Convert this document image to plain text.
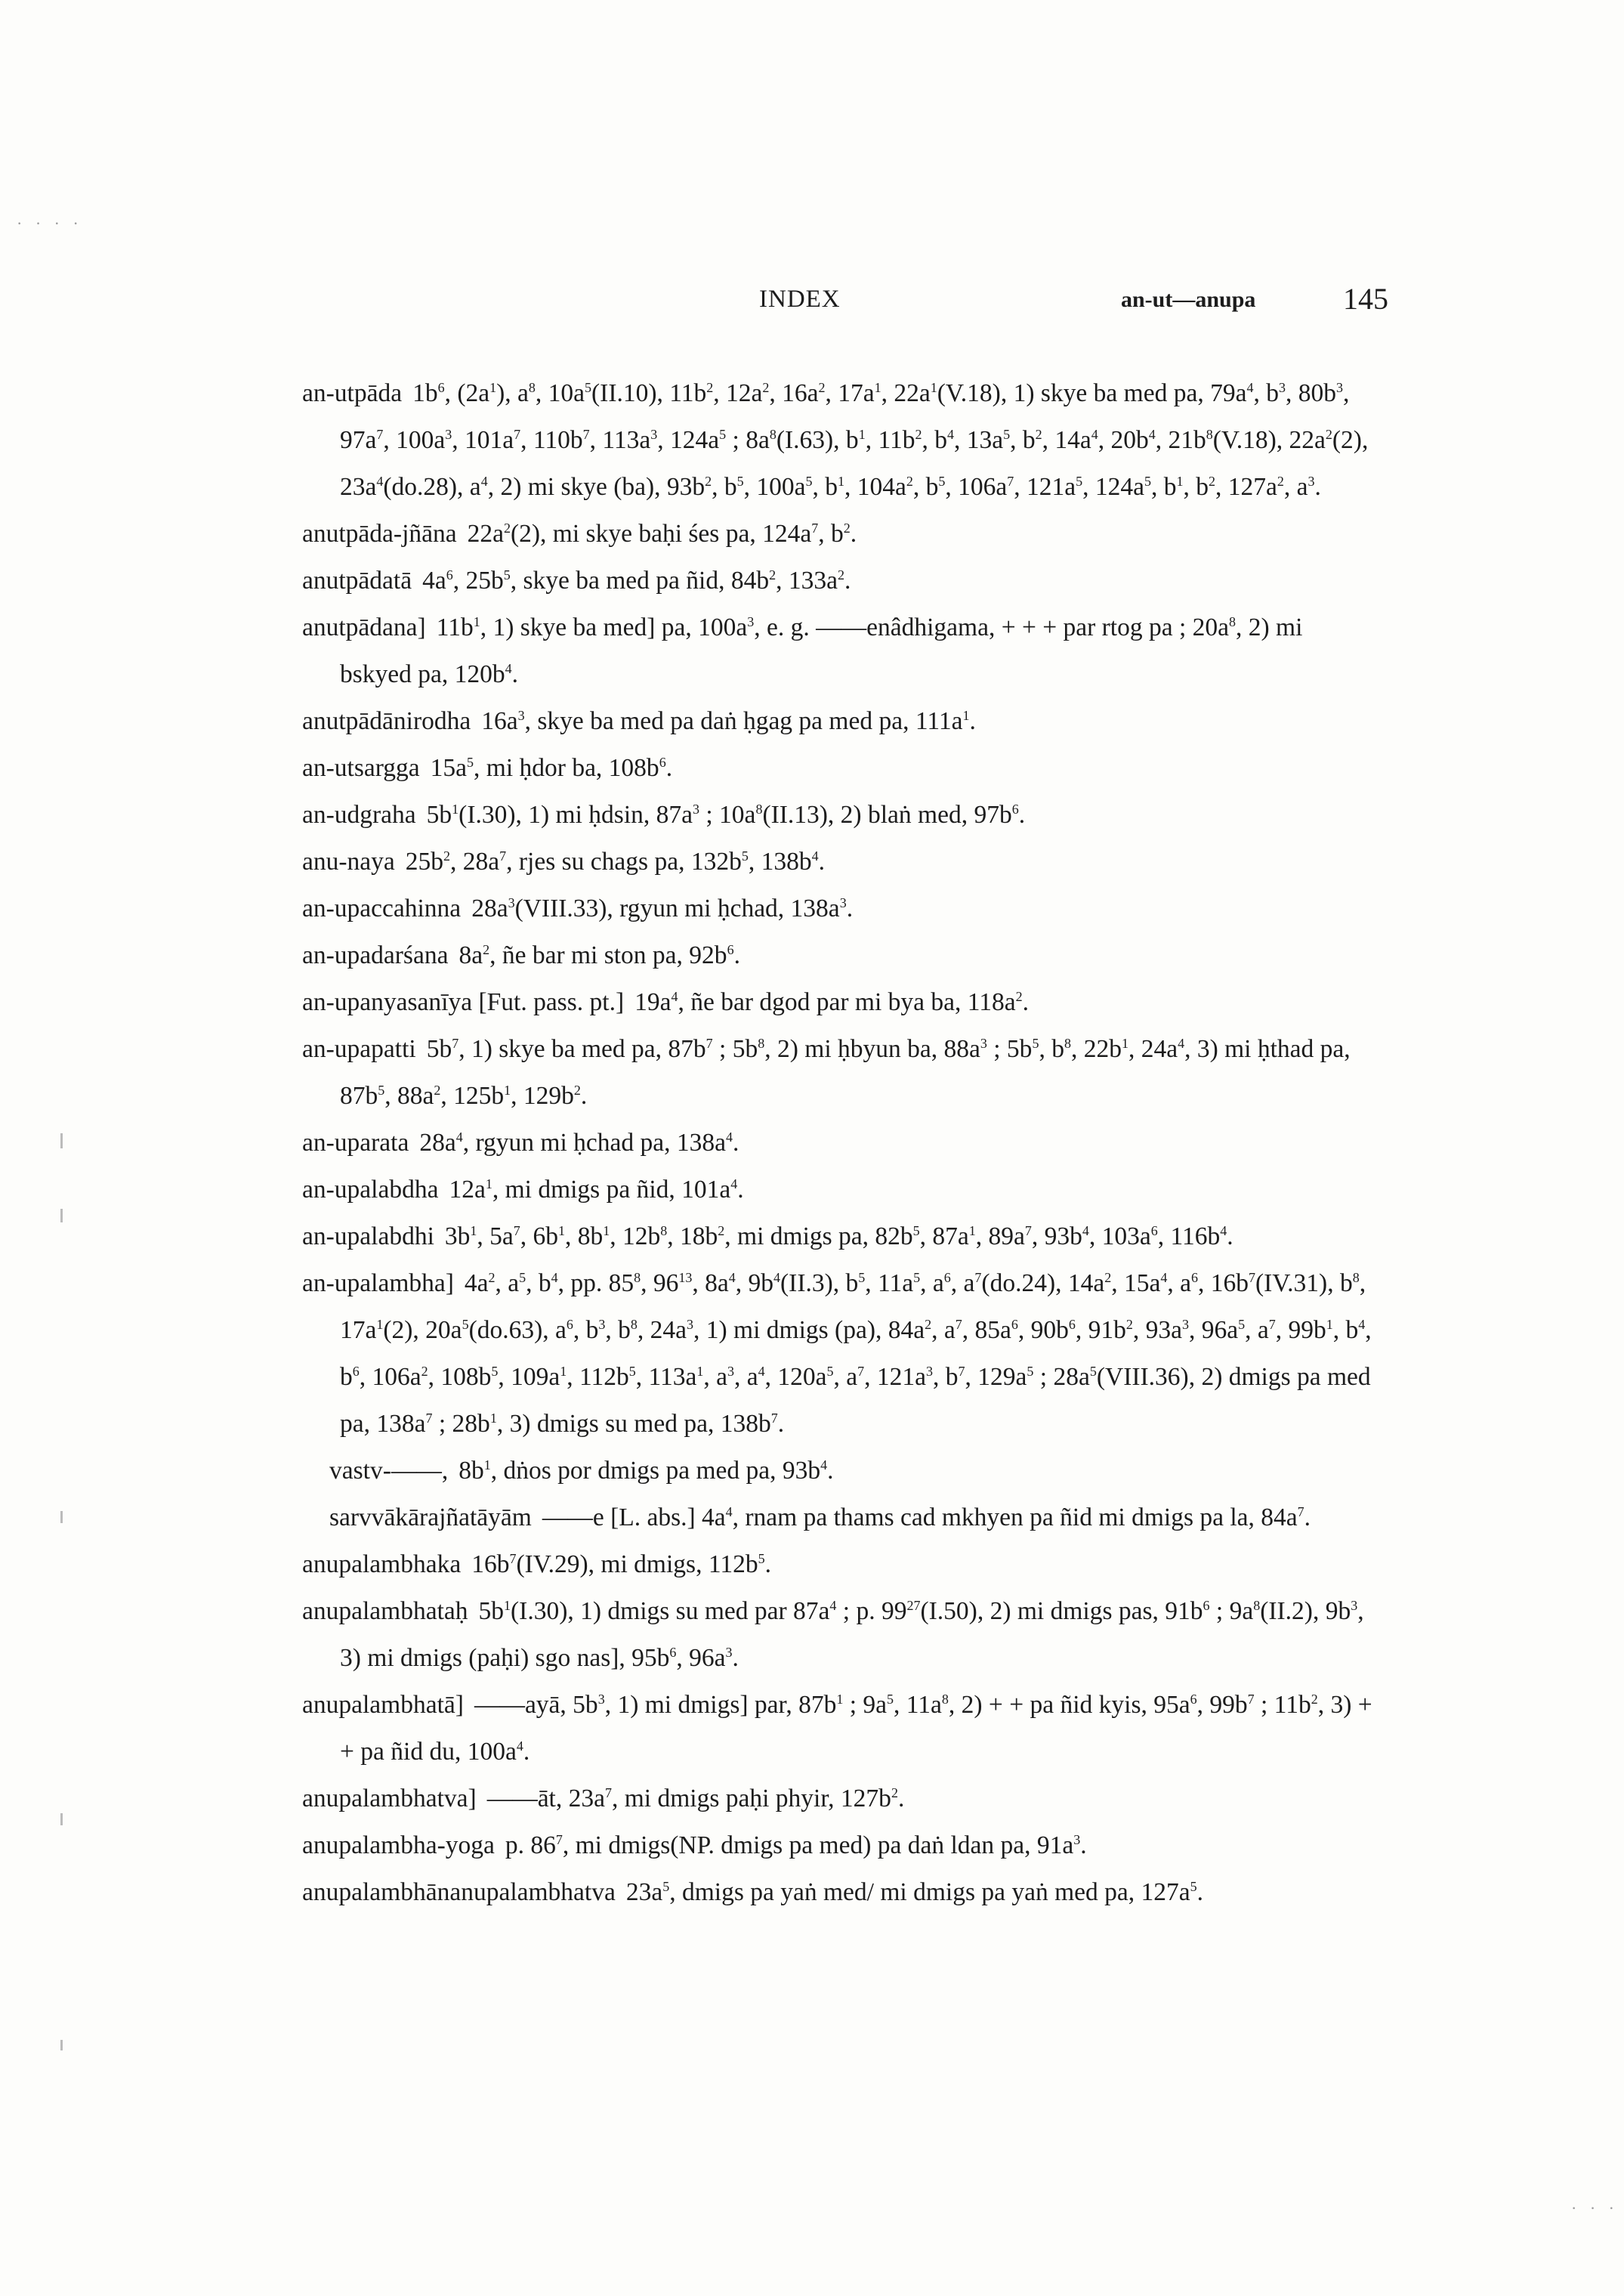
· · · ·
INDEX	an-ut—anupa	145

an-utpāda $1b^6$, $(2a^1)$, $a^8$, $10a^5(II.10)$, $11b^2$, $12a^2$, $16a^2$, $17a^1$, $22a^1(V.18)$, 1) skye ba med pa, $79a^4$, $b^3$, $80b^3$, $97a^7$, $100a^3$, $101a^7$, $110b^7$, $113a^3$, $124a^5$ ; $8a^8(I.63)$, $b^1$, $11b^2$, $b^4$, $13a^5$, $b^2$, $14a^4$, $20b^4$, $21b^8(V.18)$, $22a^2(2)$, $23a^4(do.28)$, $a^4$, 2) mi skye (ba), $93b^2$, $b^5$, $100a^5$, $b^1$, $104a^2$, $b^5$, $106a^7$, $121a^5$, $124a^5$, $b^1$, $b^2$, $127a^2$, $a^3$.

anutpāda-jñāna $22a^2(2)$, mi skye baḥi śes pa, $124a^7$, $b^2$.

anutpādatā $4a^6$, $25b^5$, skye ba med pa ñid, $84b^2$, $133a^2$.

anutpādana] $11b^1$, 1) skye ba med] pa, $100a^3$, e. g. ——enâdhigama, + + + par rtog pa ; $20a^8$, 2) mi bskyed pa, $120b^4$.

anutpādānirodha $16a^3$, skye ba med pa daṅ ḥgag pa med pa, $111a^1$.

an-utsargga $15a^5$, mi ḥdor ba, $108b^6$.

an-udgraha $5b^1(I.30)$, 1) mi ḥdsin, $87a^3$ ; $10a^8(II.13)$, 2) blaṅ med, $97b^6$.

anu-naya $25b^2$, $28a^7$, rjes su chags pa, $132b^5$, $138b^4$.

an-upaccahinna $28a^3(VIII.33)$, rgyun mi ḥchad, $138a^3$.

an-upadarśana $8a^2$, ñe bar mi ston pa, $92b^6$.

an-upanyasanīya [Fut. pass. pt.] $19a^4$, ñe bar dgod par mi bya ba, $118a^2$.

an-upapatti $5b^7$, 1) skye ba med pa, $87b^7$ ; $5b^8$, 2) mi ḥbyun ba, $88a^3$ ; $5b^5$, $b^8$, $22b^1$, $24a^4$, 3) mi ḥthad pa, $87b^5$, $88a^2$, $125b^1$, $129b^2$.

an-uparata $28a^4$, rgyun mi ḥchad pa, $138a^4$.

an-upalabdha $12a^1$, mi dmigs pa ñid, $101a^4$.

an-upalabdhi $3b^1$, $5a^7$, $6b^1$, $8b^1$, $12b^8$, $18b^2$, mi dmigs pa, $82b^5$, $87a^1$, $89a^7$, $93b^4$, $103a^6$, $116b^4$.

an-upalambha] $4a^2$, $a^5$, $b^4$, pp. $85^8$, $96^{13}$, $8a^4$, $9b^4(II.3)$, $b^5$, $11a^5$, $a^6$, $a^7(do.24)$, $14a^2$, $15a^4$, $a^6$, $16b^7(IV.31)$, $b^8$, $17a^1(2)$, $20a^5(do.63)$, $a^6$, $b^3$, $b^8$, $24a^3$, 1) mi dmigs (pa), $84a^2$, $a^7$, $85a^6$, $90b^6$, $91b^2$, $93a^3$, $96a^5$, $a^7$, $99b^1$, $b^4$, $b^6$, $106a^2$, $108b^5$, $109a^1$, $112b^5$, $113a^1$, $a^3$, $a^4$, $120a^5$, $a^7$, $121a^3$, $b^7$, $129a^5$ ; $28a^5(VIII.36)$, 2) dmigs pa med pa, $138a^7$ ; $28b^1$, 3) dmigs su med pa, $138b^7$.

vastv-——, $8b^1$, dṅos por dmigs pa med pa, $93b^4$.

sarvvākārajñatāyām ——e [L. abs.] $4a^4$, rnam pa thams cad mkhyen pa ñid mi dmigs pa la, $84a^7$.

anupalambhaka $16b^7(IV.29)$, mi dmigs, $112b^5$.

anupalambhataḥ $5b^1(I.30)$, 1) dmigs su med par $87a^4$ ; p. $99^{27}(I.50)$, 2) mi dmigs pas, $91b^6$ ; $9a^8(II.2)$, $9b^3$, 3) mi dmigs (paḥi) sgo nas], $95b^6$, $96a^3$.

anupalambhatā] ——ayā, $5b^3$, 1) mi dmigs] par, $87b^1$ ; $9a^5$, $11a^8$, 2) + + pa ñid kyis, $95a^6$, $99b^7$ ; $11b^2$, 3) + + pa ñid du, $100a^4$.

anupalambhatva] ——āt, $23a^7$, mi dmigs paḥi phyir, $127b^2$.

anupalambha-yoga p. $86^7$, mi dmigs(NP. dmigs pa med) pa daṅ ldan pa, $91a^3$.

anupalambhānanupalambhatva $23a^5$, dmigs pa yaṅ med/ mi dmigs pa yaṅ med pa, $127a^5$.

· · ·
